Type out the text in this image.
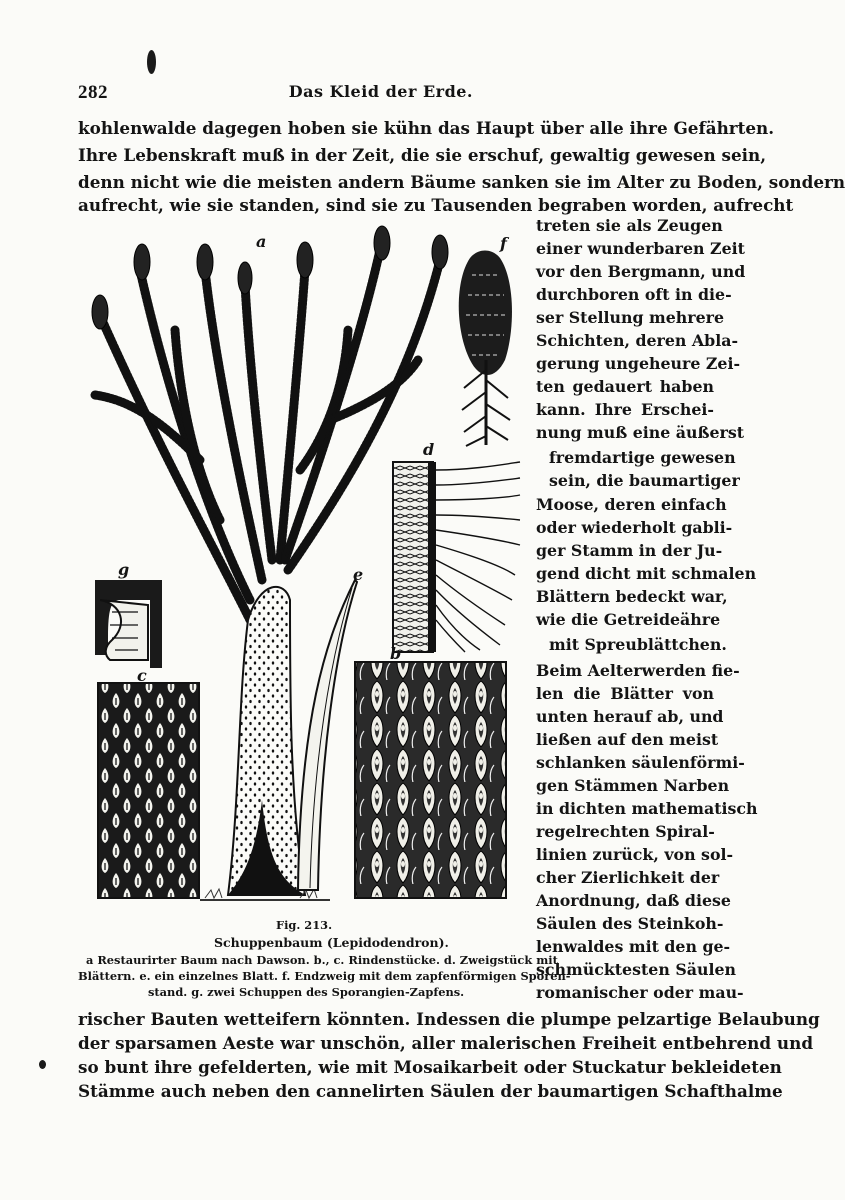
282	Das Kleid der Erde.
kohlenwalde dagegen hoben sie kühn das Haupt über alle ihre Gefährten.
Ihre Lebenskraft muß in der Zeit, die sie erschuf, gewaltig gewesen sein,
denn nicht wie die meisten andern Bäume sanken sie im Alter zu Boden, sondern
aufrecht, wie sie standen, sind sie zu Tausenden begraben worden, aufrecht
treten sie als Zeugen
einer wunderbaren Zeit
vor den Bergmann, und
durchboren oft in die-
ser Stellung mehrere
Schichten, deren Abla-
gerung ungeheure Zei-
ten gedauert haben
kann. Ihre Erschei-
nung muß eine äußerst
fremdartige gewesen
sein, die baumartiger
Moose, deren einfach
oder wiederholt gabli-
ger Stamm in der Ju-
gend dicht mit schmalen
Blättern bedeckt war,
wie die Getreideähre
mit Spreublättchen.
Beim Aelterwerden fie-
len die Blätter von
unten herauf ab, und
ließen auf den meist
schlanken säulenförmi-
gen Stämmen Narben
in dichten mathematisch
regelrechten Spiral-
linien zurück, von sol-
cher Zierlichkeit der
Anordnung, daß diese
Säulen des Steinkoh-
lenwaldes mit den ge-
schmücktesten Säulen
romanischer oder mau-
rischer Bauten wetteifern könnten. Indessen die plumpe pelzartige Belaubung
der sparsamen Aeste war unschön, aller malerischen Freiheit entbehrend und
so bunt ihre gefelderten, wie mit Mosaikarbeit oder Stuckatur bekleideten
Stämme auch neben den cannelirten Säulen der baumartigen Schafthalme
a	f
d
e
g
c
b
Fig. 213.
Schuppenbaum (Lepidodendron).
a Restaurirter Baum nach Dawson. b., c. Rindenstücke. d. Zweigstück mit
Blättern. e. ein einzelnes Blatt. f. Endzweig mit dem zapfenförmigen Sporen-
stand. g. zwei Schuppen des Sporangien-Zapfens.
